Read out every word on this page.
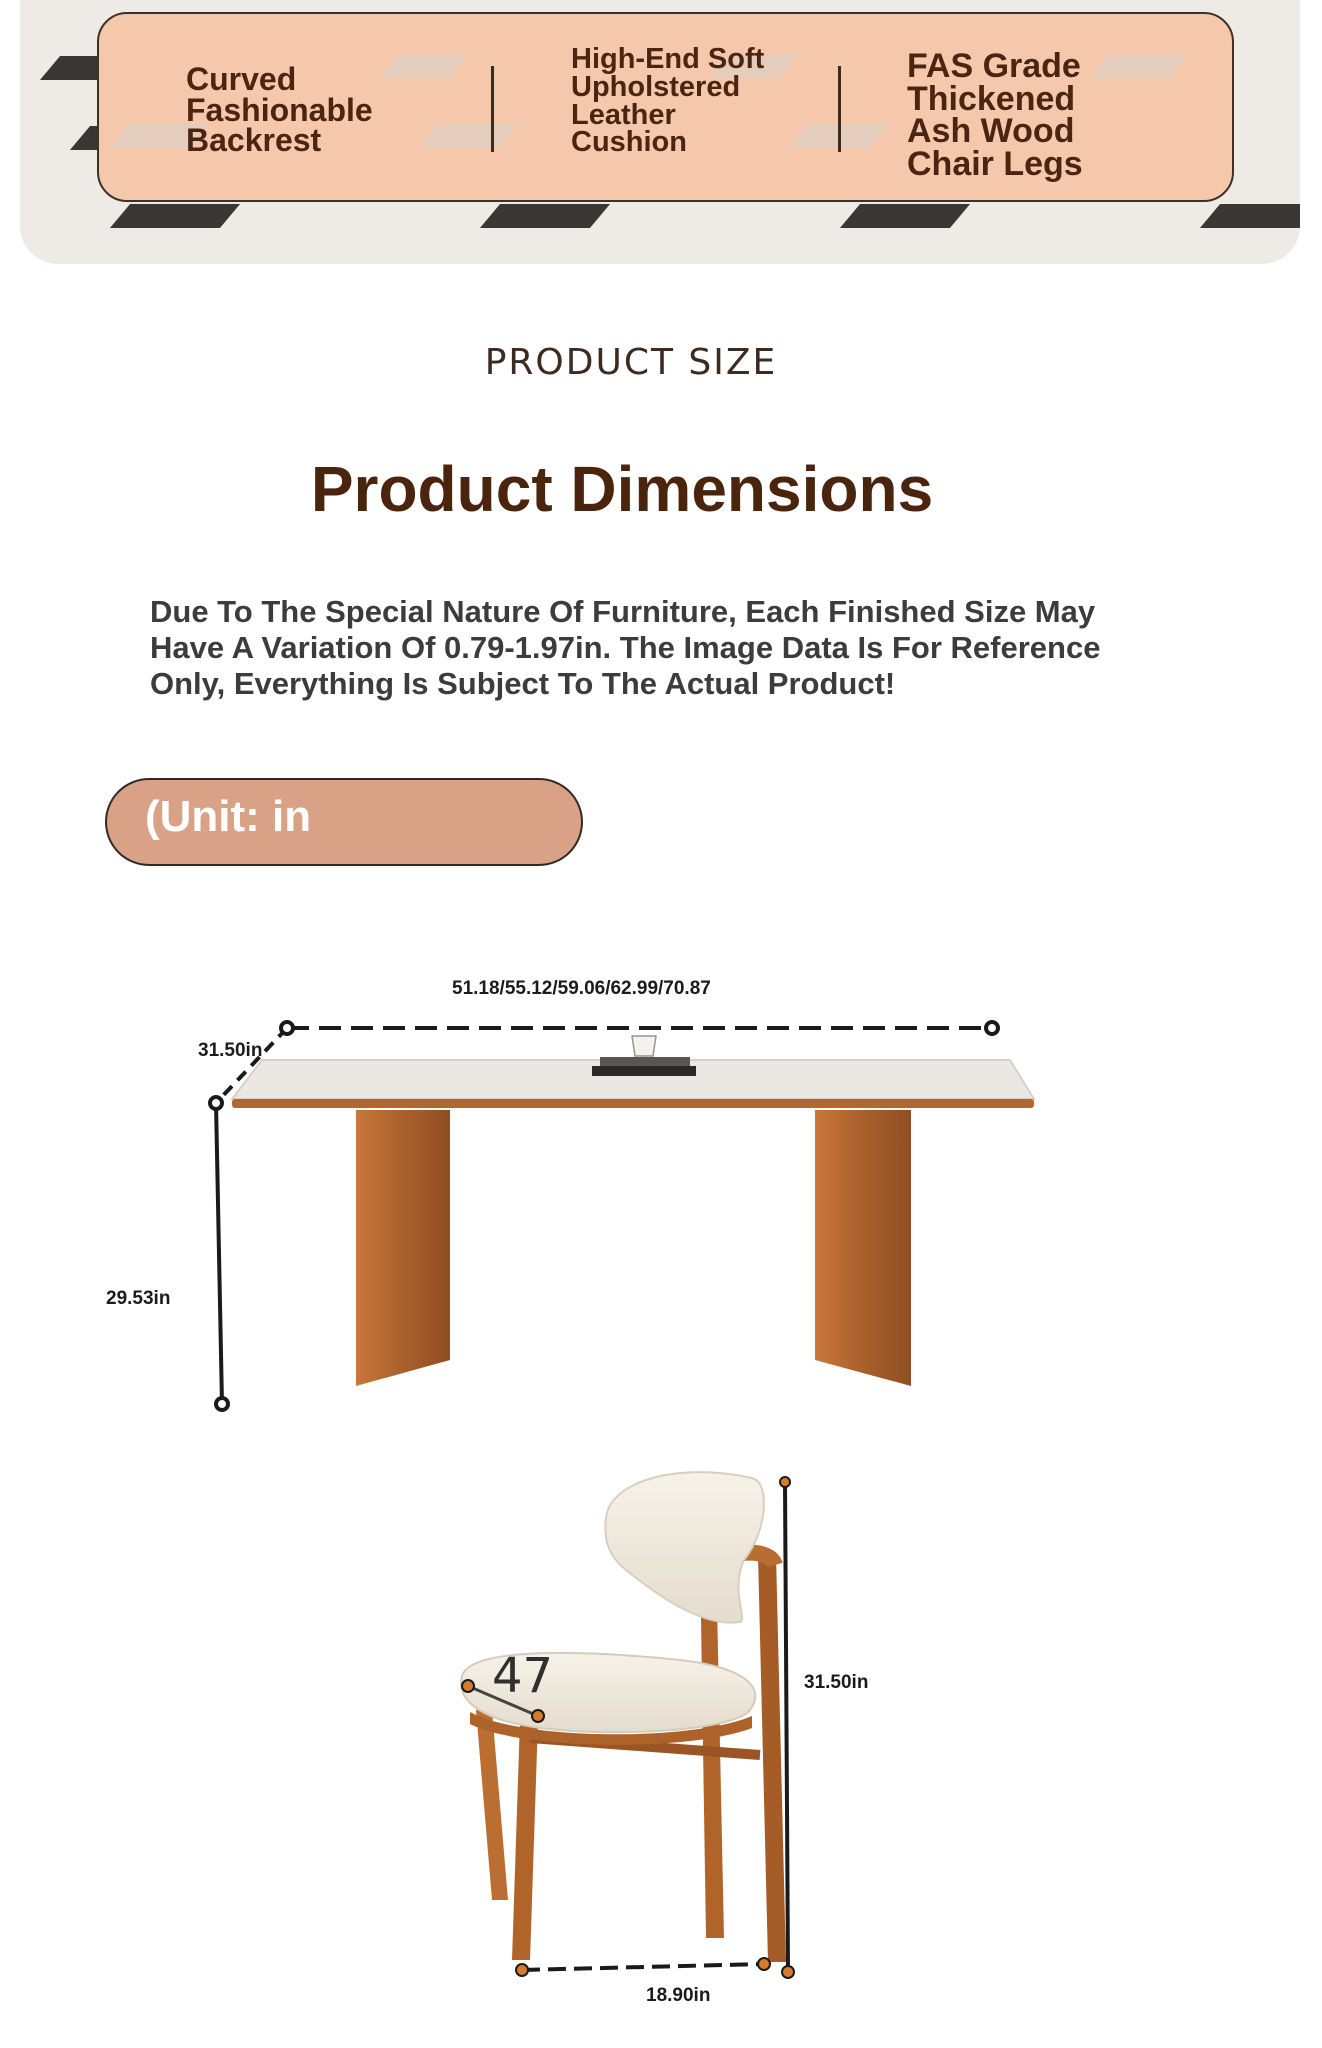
Curved
Fashionable
Backrest
High-End Soft
Upholstered
Leather
Cushion
FAS Grade
Thickened
Ash Wood
Chair Legs
PRODUCT SIZE
Product Dimensions
Due To The Special Nature Of Furniture, Each Finished Size May Have A Variation Of 0.79-1.97in. The Image Data Is For Reference Only, Everything Is Subject To The Actual Product!
(Unit: in
51.18/55.12/59.06/62.99/70.87
31.50in
29.53in
47	31.50in
18.90in
